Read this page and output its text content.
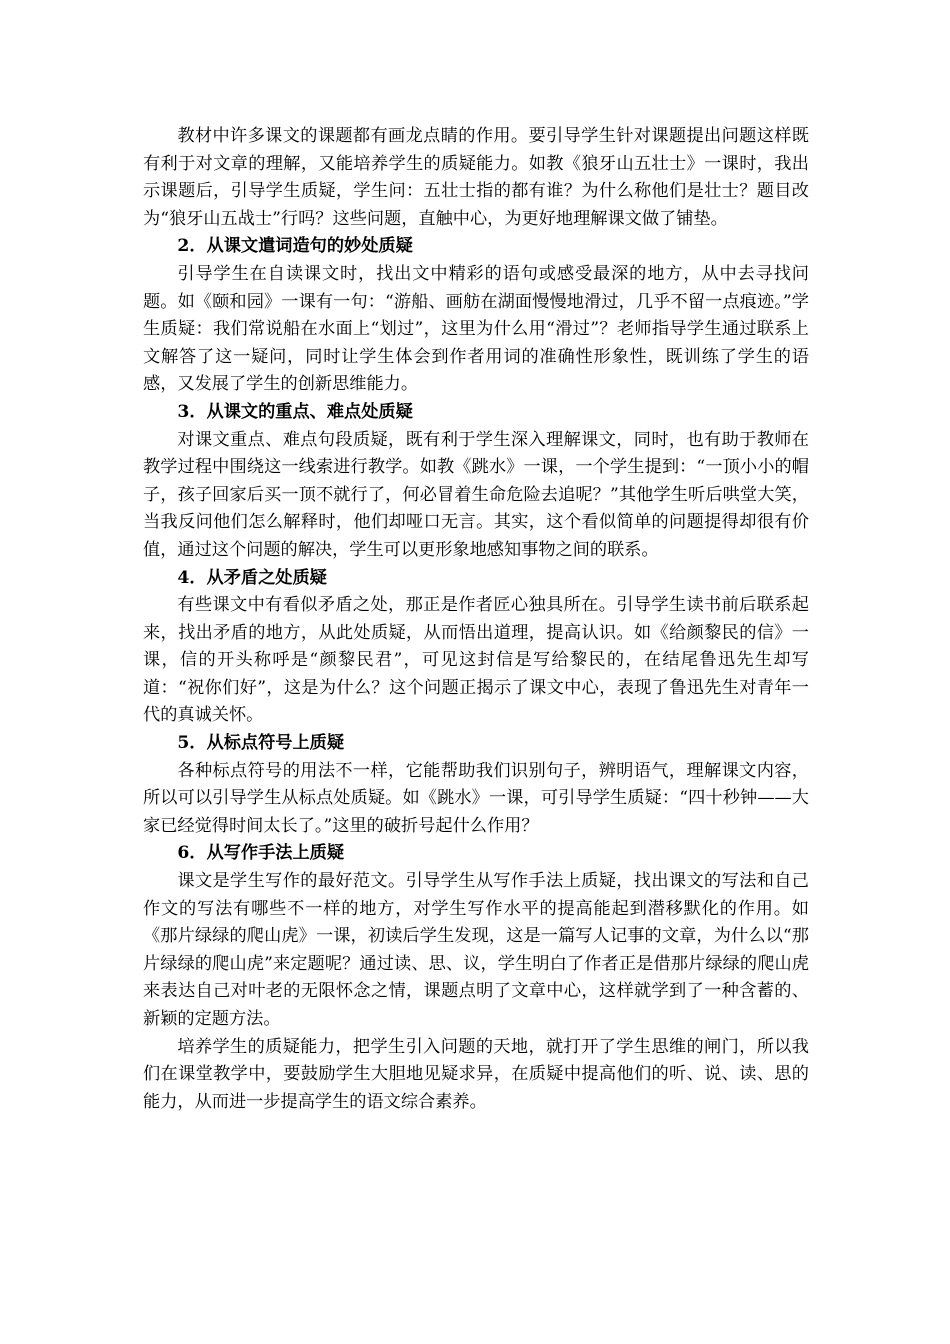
教材中许多课文的课题都有画龙点睛的作用。要引导学生针对课题提出问题这样既有利于对文章的理解，又能培养学生的质疑能力。如教《狼牙山五壮士》一课时，我出示课题后，引导学生质疑，学生问：五壮士指的都有谁？为什么称他们是壮士？题目改为“狼牙山五战士”行吗？这些问题，直触中心，为更好地理解课文做了铺垫。

2．从课文遣词造句的妙处质疑

引导学生在自读课文时，找出文中精彩的语句或感受最深的地方，从中去寻找问题。如《颐和园》一课有一句：“游船、画舫在湖面慢慢地滑过，几乎不留一点痕迹。”学生质疑：我们常说船在水面上“划过”，这里为什么用“滑过”？老师指导学生通过联系上文解答了这一疑问，同时让学生体会到作者用词的准确性形象性，既训练了学生的语感，又发展了学生的创新思维能力。

3．从课文的重点、难点处质疑

对课文重点、难点句段质疑，既有利于学生深入理解课文，同时，也有助于教师在教学过程中围绕这一线索进行教学。如教《跳水》一课，一个学生提到：“一顶小小的帽子，孩子回家后买一顶不就行了，何必冒着生命危险去追呢？”其他学生听后哄堂大笑，当我反问他们怎么解释时，他们却哑口无言。其实，这个看似简单的问题提得却很有价值，通过这个问题的解决，学生可以更形象地感知事物之间的联系。

4．从矛盾之处质疑

有些课文中有看似矛盾之处，那正是作者匠心独具所在。引导学生读书前后联系起来，找出矛盾的地方，从此处质疑，从而悟出道理，提高认识。如《给颜黎民的信》一课，信的开头称呼是“颜黎民君”，可见这封信是写给黎民的，在结尾鲁迅先生却写道：“祝你们好”，这是为什么？这个问题正揭示了课文中心，表现了鲁迅先生对青年一代的真诚关怀。

5．从标点符号上质疑

各种标点符号的用法不一样，它能帮助我们识别句子，辨明语气，理解课文内容，所以可以引导学生从标点处质疑。如《跳水》一课，可引导学生质疑：“四十秒钟——大家已经觉得时间太长了。”这里的破折号起什么作用？

6．从写作手法上质疑

课文是学生写作的最好范文。引导学生从写作手法上质疑，找出课文的写法和自己作文的写法有哪些不一样的地方，对学生写作水平的提高能起到潜移默化的作用。如《那片绿绿的爬山虎》一课，初读后学生发现，这是一篇写人记事的文章，为什么以“那片绿绿的爬山虎”来定题呢？通过读、思、议，学生明白了作者正是借那片绿绿的爬山虎来表达自己对叶老的无限怀念之情，课题点明了文章中心，这样就学到了一种含蓄的、新颖的定题方法。

培养学生的质疑能力，把学生引入问题的天地，就打开了学生思维的闸门，所以我们在课堂教学中，要鼓励学生大胆地见疑求异，在质疑中提高他们的听、说、读、思的能力，从而进一步提高学生的语文综合素养。
